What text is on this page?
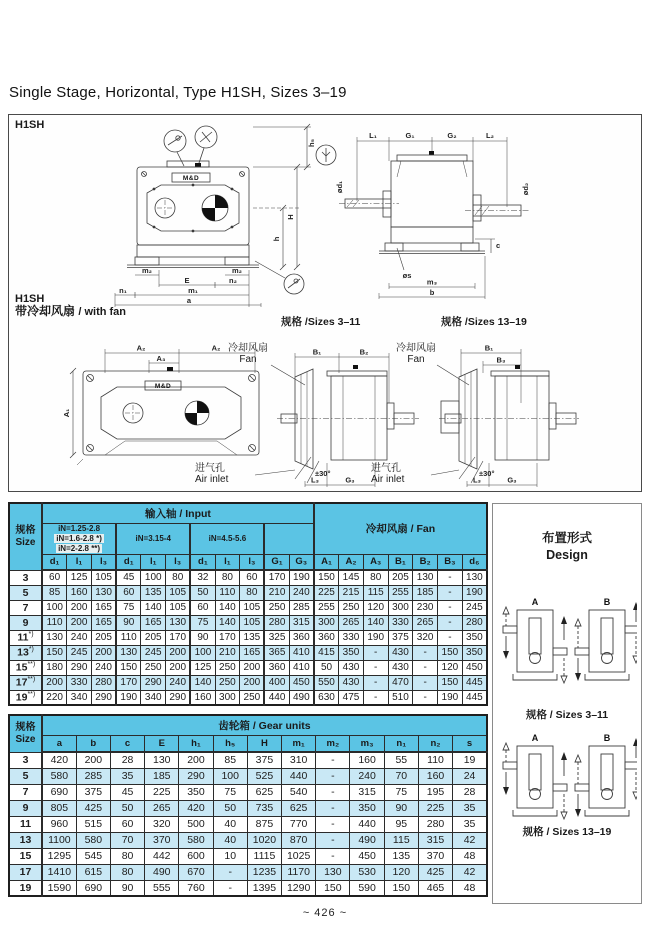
Single Stage, Horizontal, Type H1SH, Sizes 3–19
M&D
M&D
h₅
H
h
m₂	m₂
E	n₂
n₁	m₁
a
L₁	G₁	G₂	L₂
ød₁	ød₂
øs
m₃
b
c
A₂	A₂
A₃
A₁
B₁	B₂
±30°
L₃	G₃
B₁
B₃
±30°
L₃	G₃
H1SH
H1SH
带冷却风扇 / with fan
规格 /Sizes 3–11	规格 /Sizes 13–19
冷却风扇
Fan
冷却风扇
Fan
进气孔
Air inlet
进气孔
Air inlet
规格
Size	输入轴 / Input											冷却风扇 / Fan						

	iN=1.25-2.8
iN=1.6-2.8 *)
iN=2-2.8 **)			iN=3.15-4			iN=4.5-5.6											
	d₁	l₁	l₃	d₁	l₁	l₃	d₁	l₁	l₃	G₁	G₃	A₁	A₂	A₃	B₁	B₂	B₃	d₆
3	60	125	105	45	100	80	32	80	60	170	190	150	145	80	205	130	-	130
5	85	160	130	60	135	105	50	110	80	210	240	225	215	115	255	185	-	190
7	100	200	165	75	140	105	60	140	105	250	285	255	250	120	300	230	-	245
9	110	200	165	90	165	130	75	140	105	280	315	300	265	140	330	265	-	280
11*)	130	240	205	110	205	170	90	170	135	325	360	360	330	190	375	320	-	350
13*)	150	245	200	130	245	200	100	210	165	365	410	415	350	-	430	-	150	350
15**)	180	290	240	150	250	200	125	250	200	360	410	50	430	-	430	-	120	450
17**)	200	330	280	170	290	240	140	250	200	400	450	550	430	-	470	-	150	445
19**)	220	340	290	190	340	290	160	300	250	440	490	630	475	-	510	-	190	445
规格
Size	齿轮箱 / Gear units												
	a	b	c	E	h₁	h₅	H	m₁	m₂	m₃	n₁	n₂	s
3	420	200	28	130	200	85	375	310	-	160	55	110	19
5	580	285	35	185	290	100	525	440	-	240	70	160	24
7	690	375	45	225	350	75	625	540	-	315	75	195	28
9	805	425	50	265	420	50	735	625	-	350	90	225	35
11	960	515	60	320	500	40	875	770	-	440	95	280	35
13	1100	580	70	370	580	40	1020	870	-	490	115	315	42
15	1295	545	80	442	600	10	1115	1025	-	450	135	370	48
17	1410	615	80	490	670	-	1235	1170	130	530	120	425	42
19	1590	690	90	555	760	-	1395	1290	150	590	150	465	48
布置形式
Design
A	B
规格 / Sizes 3–11
A	B
规格 / Sizes 13–19
~ 426 ~
